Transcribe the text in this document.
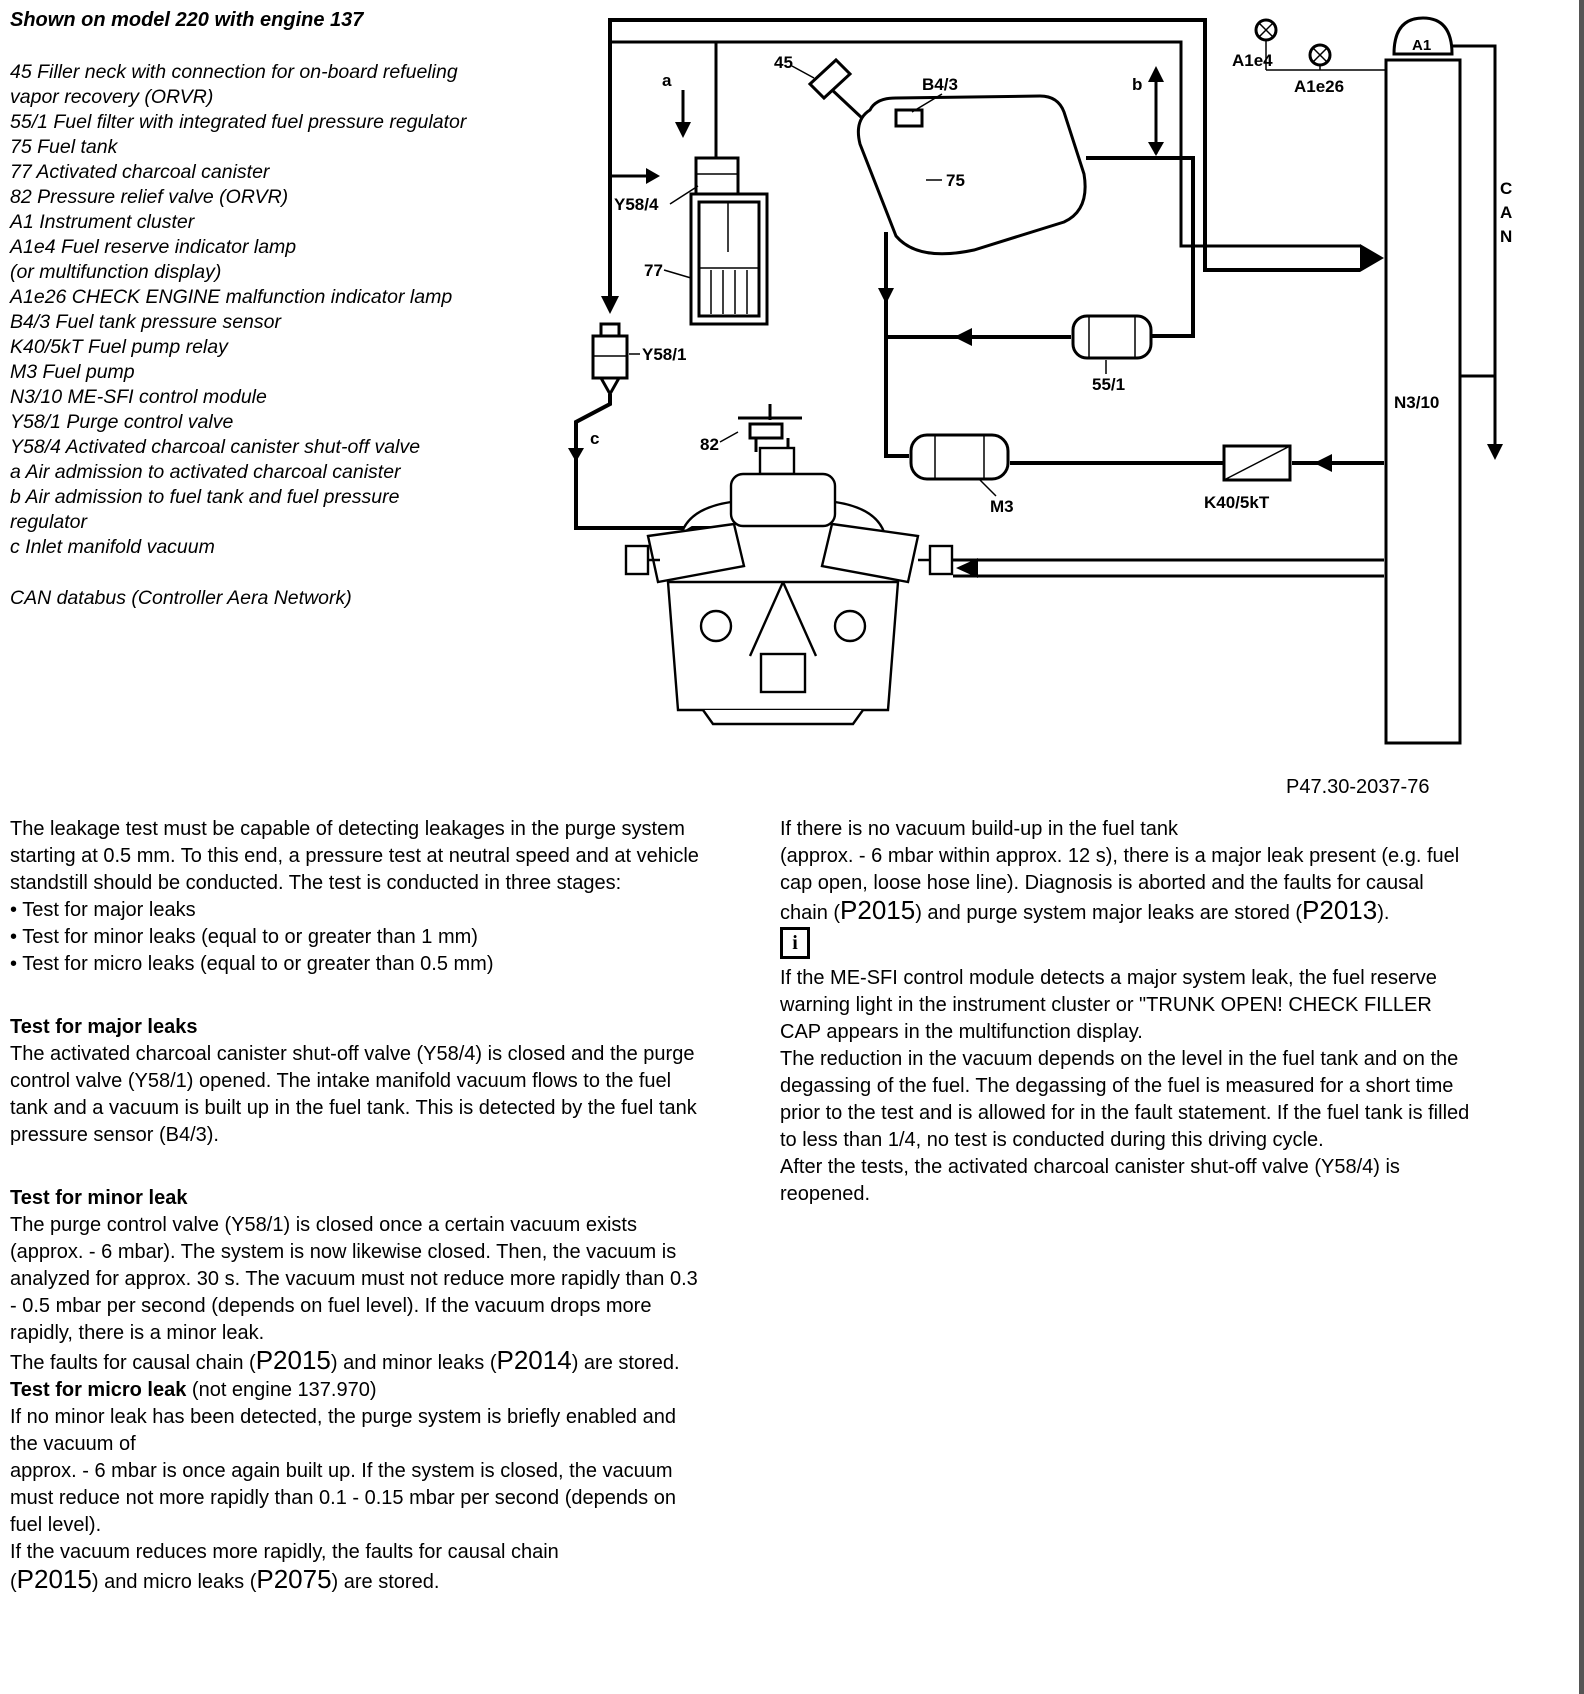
Shown on model 220 with engine 137

45 Filler neck with connection for on-board refueling vapor recovery (ORVR)

55/1 Fuel filter with integrated fuel pressure regulator

75 Fuel tank

77 Activated charcoal canister

82 Pressure relief valve (ORVR)

A1 Instrument cluster

A1e4 Fuel reserve indicator lamp

(or multifunction display)

A1e26 CHECK ENGINE malfunction indicator lamp

B4/3 Fuel tank pressure sensor

K40/5kT Fuel pump relay

M3 Fuel pump

N3/10 ME-SFI control module

Y58/1 Purge control valve

Y58/4 Activated charcoal canister shut-off valve

a Air admission to activated charcoal canister

b Air admission to fuel tank and fuel pressure regulator

c Inlet manifold vacuum

CAN databus (Controller Aera Network)

45
a	B4/3	b
A1e4
A1e26
A1
Y58/4
75
77
Y58/1
c	82
55/1
M3	K40/5kT
N3/10
C
A
N
P47.30-2037-76

The leakage test must be capable of detecting leakages in the purge system starting at 0.5 mm. To this end, a pressure test at neutral speed and at vehicle standstill should be conducted. The test is conducted in three stages:

• Test for major leaks

• Test for minor leaks (equal to or greater than 1 mm)

• Test for micro leaks (equal to or greater than 0.5 mm)

Test for major leaks

The activated charcoal canister shut-off valve (Y58/4) is closed and the purge control valve (Y58/1) opened. The intake manifold vacuum flows to the fuel tank and a vacuum is built up in the fuel tank. This is detected by the fuel tank pressure sensor (B4/3).

Test for minor leak

The purge control valve (Y58/1) is closed once a certain vacuum exists (approx. - 6 mbar). The system is now likewise closed. Then, the vacuum is analyzed for approx. 30 s. The vacuum must not reduce more rapidly than 0.3 - 0.5 mbar per second (depends on fuel level). If the vacuum drops more rapidly, there is a minor leak.

The faults for causal chain (P2015) and minor leaks (P2014) are stored.

Test for micro leak (not engine 137.970)

If no minor leak has been detected, the purge system is briefly enabled and the vacuum of

approx. - 6 mbar is once again built up. If the system is closed, the vacuum must reduce not more rapidly than 0.1 - 0.15 mbar per second (depends on fuel level).

If the vacuum reduces more rapidly, the faults for causal chain

(P2015) and micro leaks (P2075) are stored.

If there is no vacuum build-up in the fuel tank
(approx. - 6 mbar within approx. 12 s), there is a major leak present (e.g. fuel cap open, loose hose line). Diagnosis is aborted and the faults for causal chain (P2015) and purge system major leaks are stored (P2013).

i

If the ME-SFI control module detects a major system leak, the fuel reserve warning light in the instrument cluster or "TRUNK OPEN! CHECK FILLER CAP appears in the multifunction display.

The reduction in the vacuum depends on the level in the fuel tank and on the degassing of the fuel. The degassing of the fuel is measured for a short time prior to the test and is allowed for in the fault statement. If the fuel tank is filled to less than 1/4, no test is conducted during this driving cycle.

After the tests, the activated charcoal canister shut-off valve (Y58/4) is reopened.
